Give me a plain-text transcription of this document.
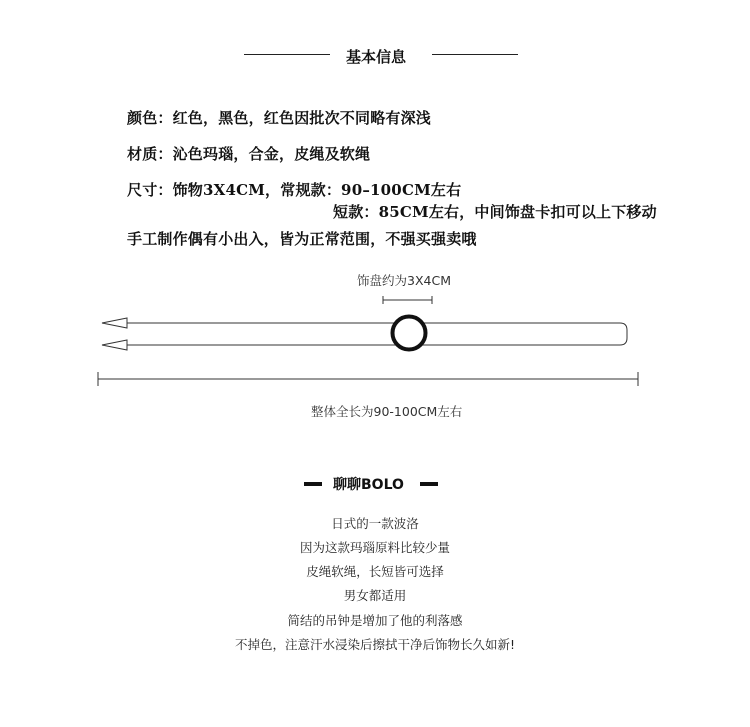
基本信息
颜色：红色，黑色，红色因批次不同略有深浅
材质：沁色玛瑙，合金，皮绳及软绳
尺寸：饰物3X4CM，常规款：90–100CM左右
短款：85CM左右，中间饰盘卡扣可以上下移动
手工制作偶有小出入，皆为正常范围，不强买强卖哦
饰盘约为3X4CM
整体全长为90-100CM左右
聊聊BOLO
日式的一款波洛
因为这款玛瑙原料比较少量
皮绳软绳，长短皆可选择
男女都适用
简结的吊钟是增加了他的利落感
不掉色，注意汗水浸染后擦拭干净后饰物长久如新!
